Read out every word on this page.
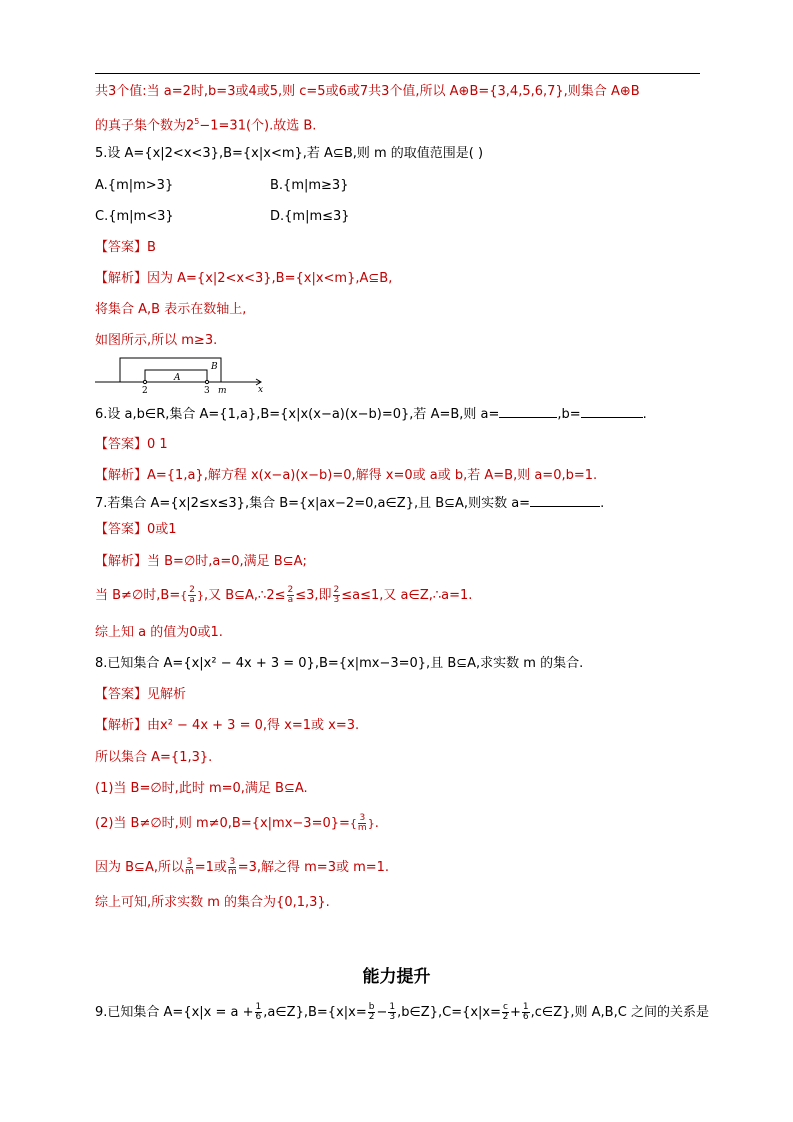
共3个值:当 a=2时,b=3或4或5,则 c=5或6或7共3个值,所以 A⊕B={3,4,5,6,7},则集合 A⊕B
的真子集个数为$2^5-1=31$(个).故选 B.
5.设 A={x|2<x<3},B={x|x<m},若 A⊆B,则 m 的取值范围是( )
A.{m|m>3}	B.{m|m≥3}
C.{m|m<3}	D.{m|m≤3}
【答案】B
【解析】因为 A={x|2<x<3},B={x|x<m},A⊆B,
将集合 A,B 表示在数轴上,
如图所示,所以 m≥3.
A
B
2	3 m	x
6.设 a,b∈R,集合 A={1,a},B={x|x(x−a)(x−b)=0},若 A=B,则 a=	,b=	.
【答案】0 1
【解析】A={1,a},解方程 x(x−a)(x−b)=0,解得 x=0或 a或 b,若 A=B,则 a=0,b=1.
7.若集合 A={x|2≤x≤3},集合 B={x|ax−2=0,a∈Z},且 B⊆A,则实数 a=	.
【答案】0或1
【解析】当 B=∅时,a=0,满足 B⊆A;
当 B≠∅时$,B=\{ \frac{2}{a}$ },又 B⊆A,∴2≤ $\frac{2}{a} \le 3$,即 $\frac{2}{3} \le a\le 1$,又 a∈Z,∴a=1.
综上知 a 的值为0或1.
8.已知集合 A={x|x² − 4x + 3 = 0},B={x|mx−3=0},且 B⊆A,求实数 m 的集合.
【答案】见解析
【解析】由x² − 4x + 3 = 0,得 x=1或 x=3.
所以集合 A={1,3}.
(1)当 B=∅时,此时 m=0,满足 B⊆A.
(2)当 B≠∅时,则 $m\ne 0,B=\{x|mx-3=0\}=\{ \frac{3}{m}$ }.
因为 B⊆A,所以 $\frac{3}{m} =1$或 $\frac{3}{m} =3$,解之得 m=3或 m=1.
综上可知,所求实数 m 的集合为{0,1,3}.
能力提升
9.已知集合 $A=\{x|x = a + \frac{1}{6}$ ,a∈Z},B={x|x= $\frac{b}{2} - \frac{1}{3}$ ,b∈Z},C={x|x= $\frac{c}{2} + \frac{1}{6}$ ,c∈Z},则 A,B,C 之间的关系是
